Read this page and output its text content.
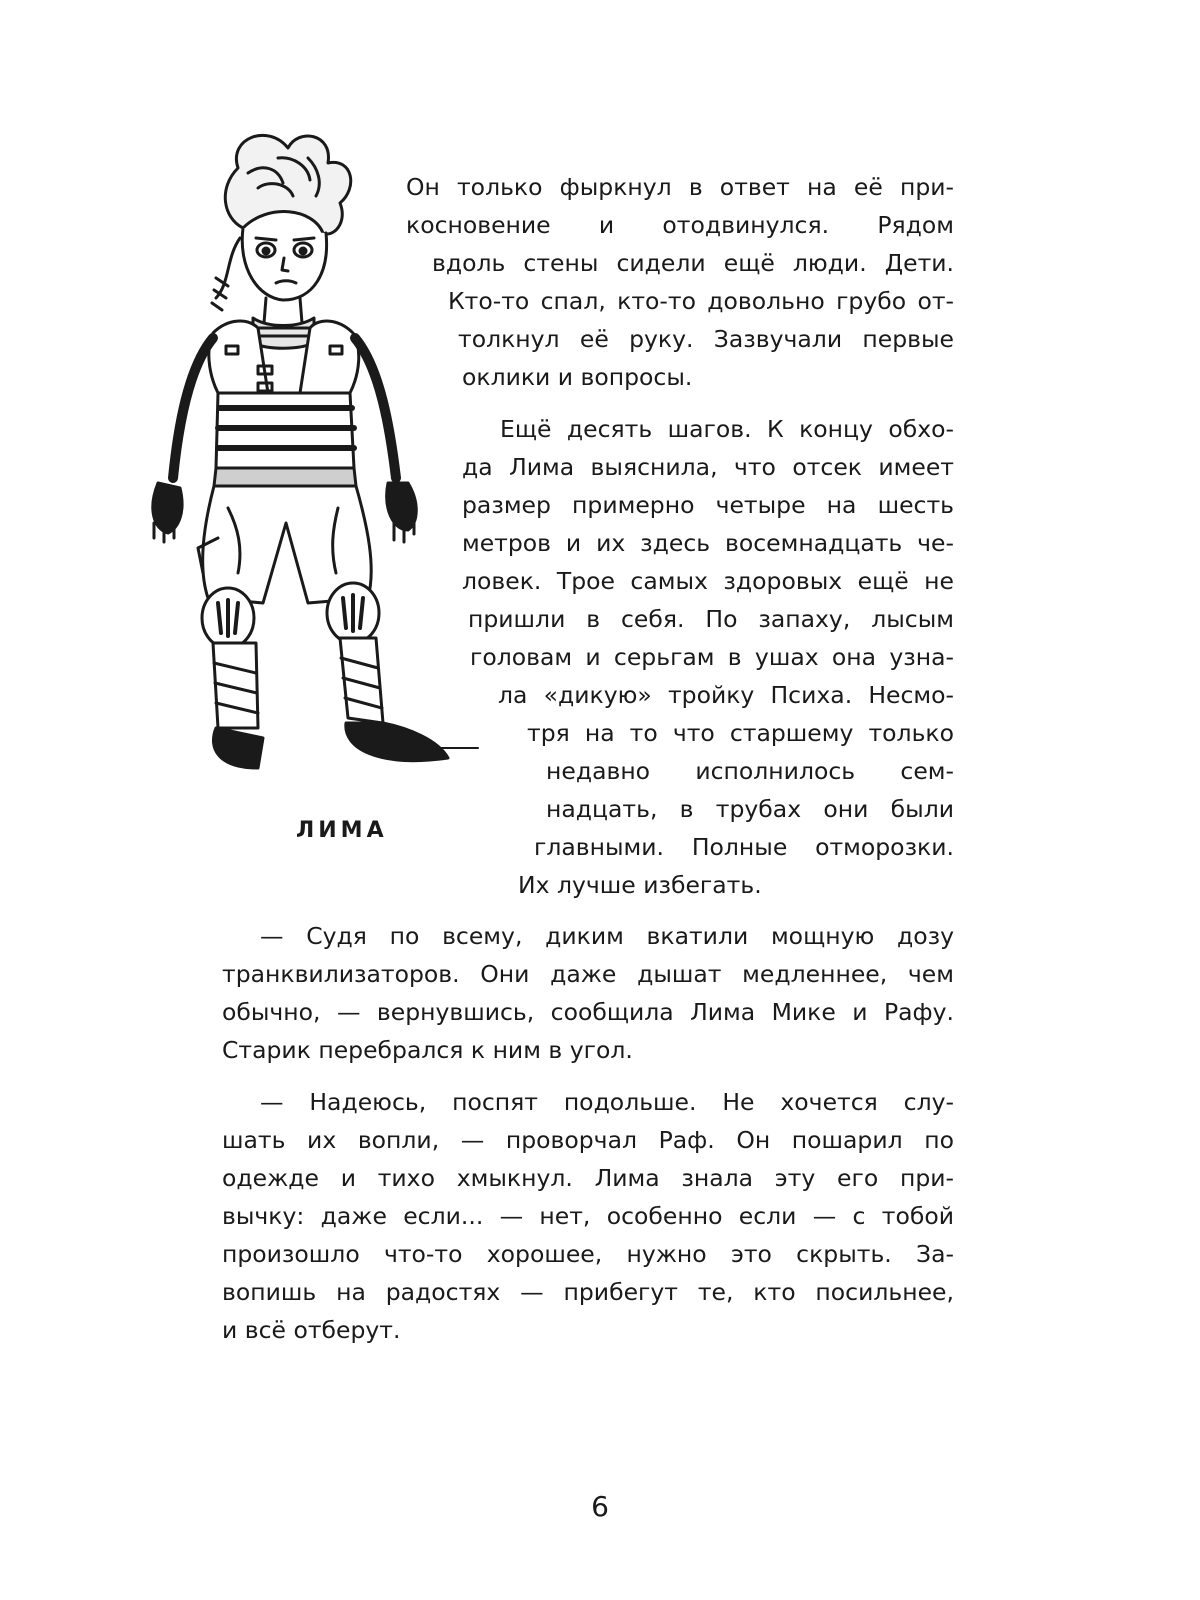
ЛИМА
Он только фыркнул в ответ на её при-
косновение и отодвинулся. Рядом
вдоль стены сидели ещё люди. Дети.
Кто-то спал, кто-то довольно грубо от-
толкнул её руку. Зазвучали первые
оклики и вопросы.
Ещё десять шагов. К концу обхо-
да Лима выяснила, что отсек имеет
размер примерно четыре на шесть
метров и их здесь восемнадцать че-
ловек. Трое самых здоровых ещё не
пришли в себя. По запаху, лысым
головам и серьгам в ушах она узна-
ла «дикую» тройку Психа. Несмо-
тря на то что старшему только
недавно исполнилось сем-
надцать, в трубах они были
главными. Полные отморозки.
Их лучше избегать.
— Судя по всему, диким вкатили мощную дозу
транквилизаторов. Они даже дышат медленнее, чем
обычно, — вернувшись, сообщила Лима Мике и Рафу.
Старик перебрался к ним в угол.
— Надеюсь, поспят подольше. Не хочется слу-
шать их вопли, — проворчал Раф. Он пошарил по
одежде и тихо хмыкнул. Лима знала эту его при-
вычку: даже если... — нет, особенно если — с тобой
произошло что-то хорошее, нужно это скрыть. За-
вопишь на радостях — прибегут те, кто посильнее,
и всё отберут.
6
